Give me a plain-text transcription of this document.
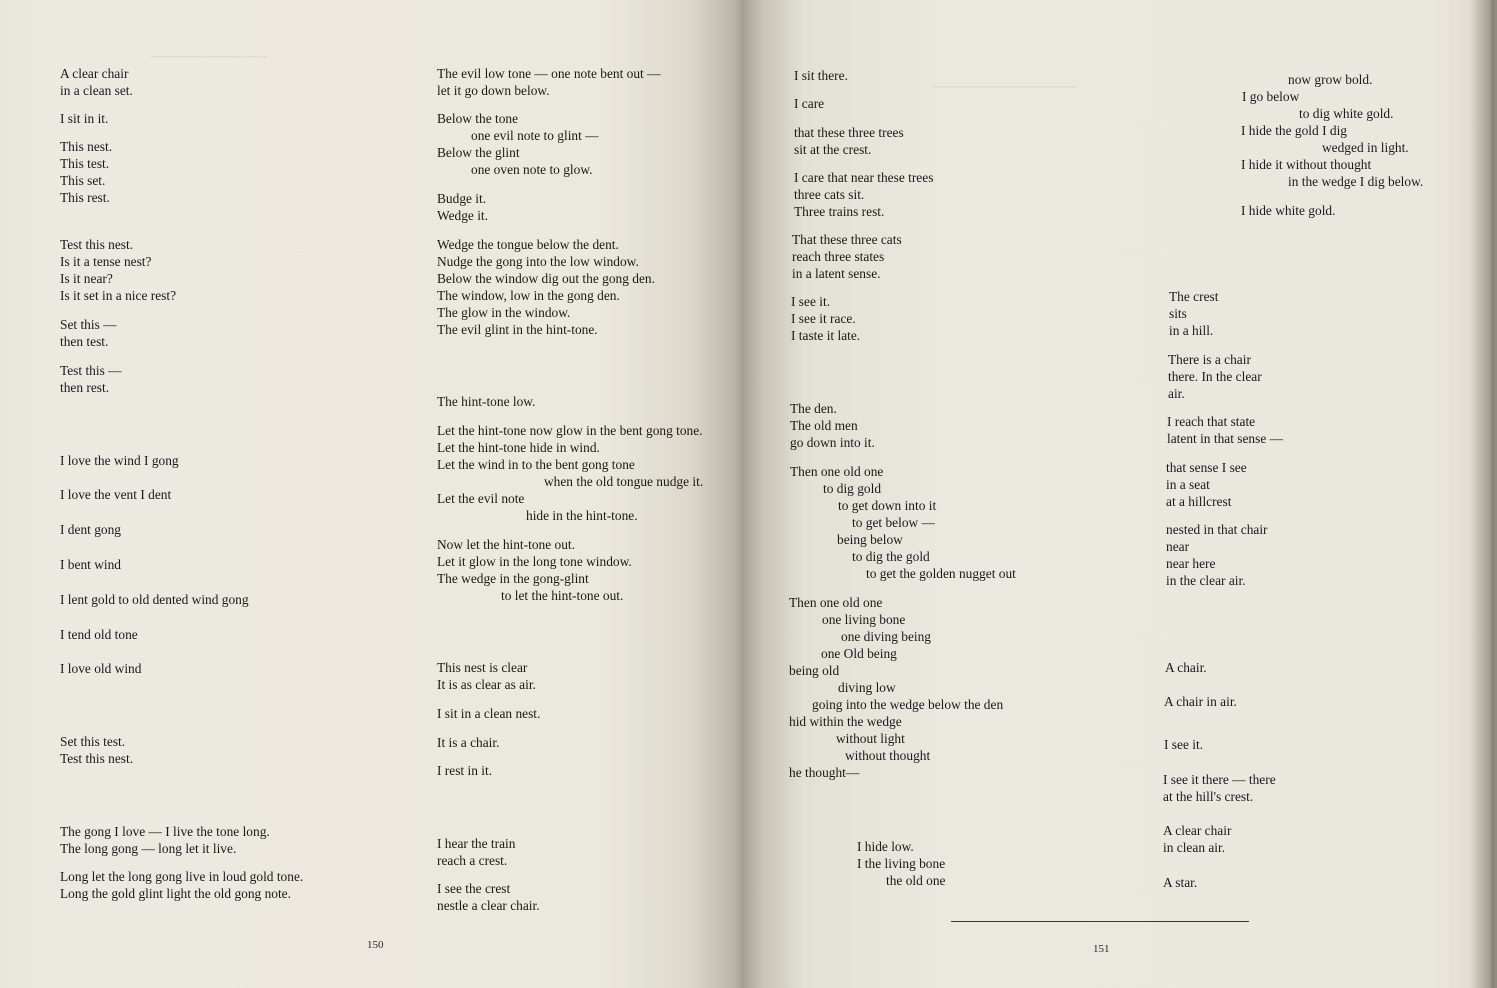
⎯⎯⎯⎯⎯⎯⎯⎯⎯
A clear chair
in a clean set.
I sit in it.
This nest.
This test.
This set.
This rest.
Test this nest.
Is it a tense nest?
Is it near?
Is it set in a nice rest?
Set this —
then test.
Test this —
then rest.
I love the wind I gong
I love the vent I dent
I dent gong
I bent wind
I lent gold to old dented wind gong
I tend old tone
I love old wind
Set this test.
Test this nest.
The gong I love — I live the tone long.
The long gong — long let it live.
Long let the long gong live in loud gold tone.
Long the gold glint light the old gong note.
The evil low tone — one note bent out —
let it go down below.
Below the tone
one evil note to glint —
Below the glint
one oven note to glow.
Budge it.
Wedge it.
Wedge the tongue below the dent.
Nudge the gong into the low window.
Below the window dig out the gong den.
The window, low in the gong den.
The glow in the window.
The evil glint in the hint-tone.
The hint-tone low.
Let the hint-tone now glow in the bent gong tone.
Let the hint-tone hide in wind.
Let the wind in to the bent gong tone
when the old tongue nudge it.
Let the evil note
hide in the hint-tone.
Now let the hint-tone out.
Let it glow in the long tone window.
The wedge in the gong-glint
to let the hint-tone out.
This nest is clear
It is as clear as air.
I sit in a clean nest.
It is a chair.
I rest in it.
I hear the train
reach a crest.
I see the crest
nestle a clear chair.
150
⎯⎯⎯⎯⎯⎯⎯⎯⎯⎯⎯
I sit there.
I care
that these three trees
sit at the crest.
I care that near these trees
three cats sit.
Three trains rest.
That these three cats
reach three states
in a latent sense.
I see it.
I see it race.
I taste it late.
The den.
The old men
go down into it.
Then one old one
to dig gold
to get down into it
to get below —
being below
to dig the gold
to get the golden nugget out
Then one old one
one living bone
one diving being
one Old being
being old
diving low
going into the wedge below the den
hid within the wedge
without light
without thought
he thought—
I hide low.
I the living bone
the old one
now grow bold.
I go below
to dig white gold.
I hide the gold I dig
wedged in light.
I hide it without thought
in the wedge I dig below.
I hide white gold.
The crest
sits
in a hill.
There is a chair
there. In the clear
air.
I reach that state
latent in that sense —
that sense I see
in a seat
at a hillcrest
nested in that chair
near
near here
in the clear air.
A chair.
A chair in air.
I see it.
I see it there — there
at the hill's crest.
A clear chair
in clean air.
A star.
151
